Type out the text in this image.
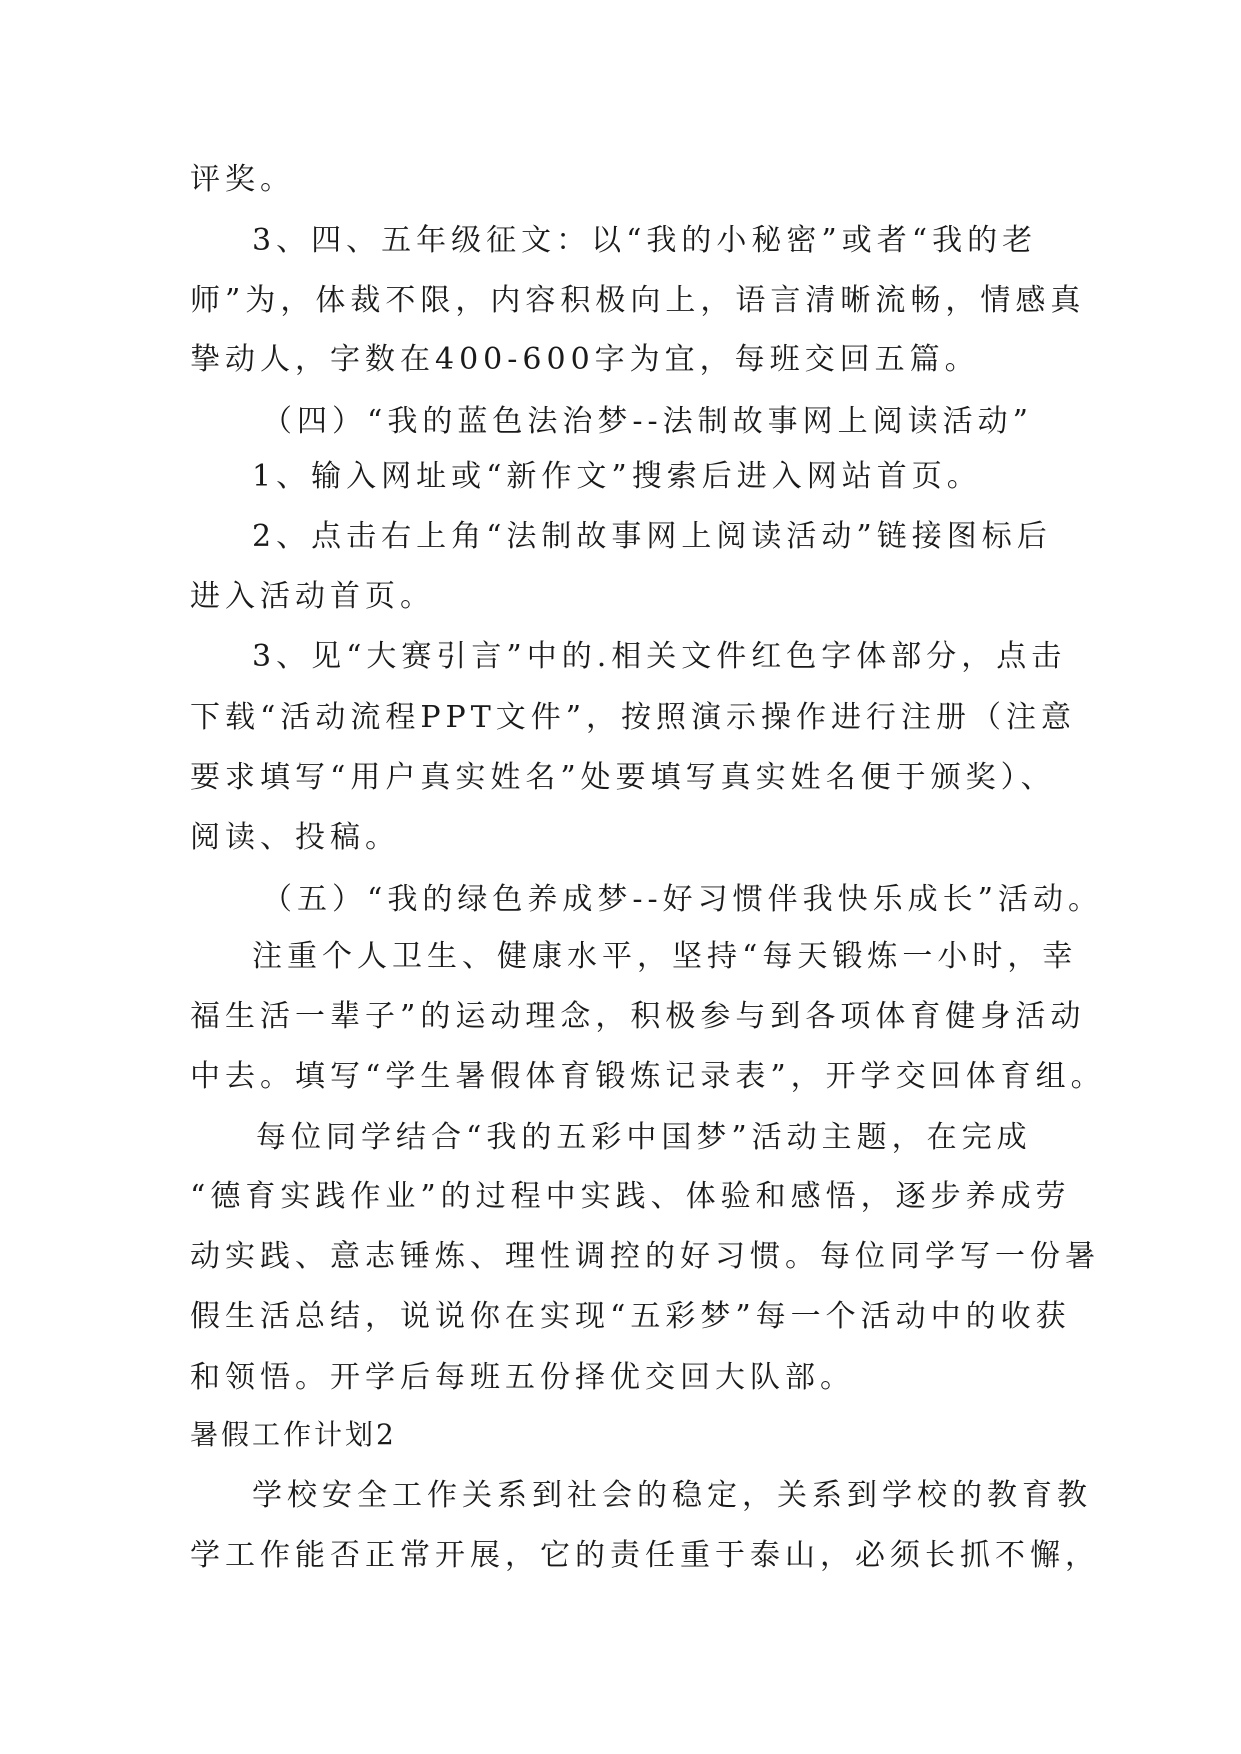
评奖。
3、四、五年级征文：以“我的小秘密”或者“我的老
师”为，体裁不限，内容积极向上，语言清晰流畅，情感真
挚动人，字数在400-600字为宜，每班交回五篇。
（四）“我的蓝色法治梦--法制故事网上阅读活动”
1、输入网址或“新作文”搜索后进入网站首页。
2、点击右上角“法制故事网上阅读活动”链接图标后
进入活动首页。
3、见“大赛引言”中的.相关文件红色字体部分，点击
下载“活动流程PPT文件”，按照演示操作进行注册（注意
要求填写“用户真实姓名”处要填写真实姓名便于颁奖）、
阅读、投稿。
（五）“我的绿色养成梦--好习惯伴我快乐成长”活动。
注重个人卫生、健康水平，坚持“每天锻炼一小时，幸
福生活一辈子”的运动理念，积极参与到各项体育健身活动
中去。填写“学生暑假体育锻炼记录表”，开学交回体育组。
每位同学结合“我的五彩中国梦”活动主题，在完成
“德育实践作业”的过程中实践、体验和感悟，逐步养成劳
动实践、意志锤炼、理性调控的好习惯。每位同学写一份暑
假生活总结，说说你在实现“五彩梦”每一个活动中的收获
和领悟。开学后每班五份择优交回大队部。
暑假工作计划2
学校安全工作关系到社会的稳定，关系到学校的教育教
学工作能否正常开展，它的责任重于泰山，必须长抓不懈，
